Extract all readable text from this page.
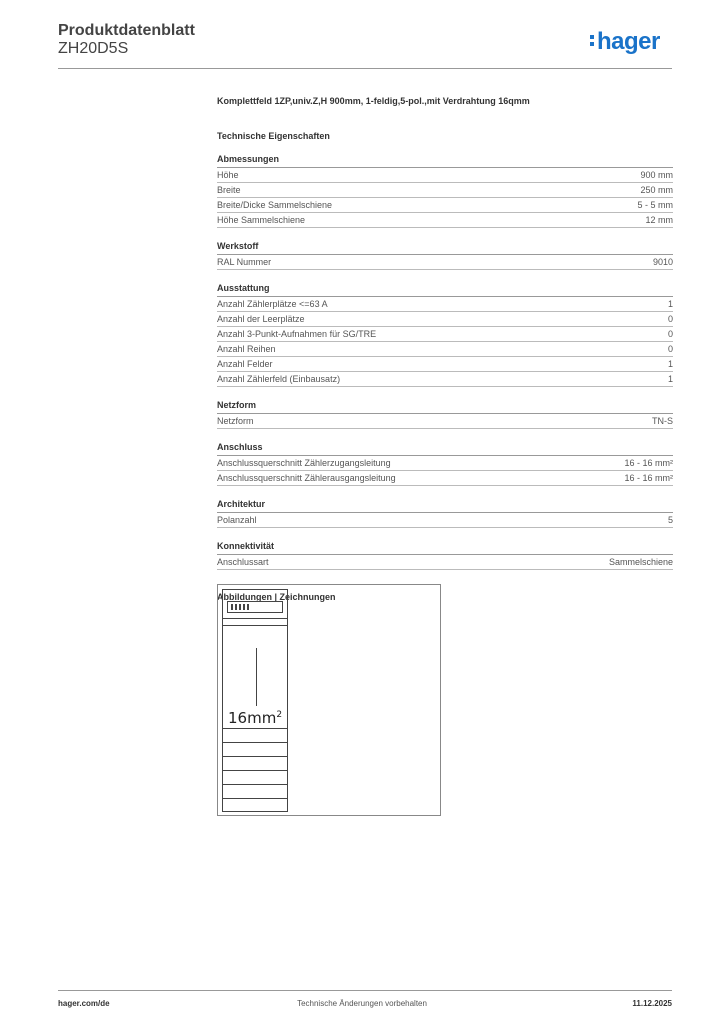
Produktdatenblatt
ZH20D5S	hager
Komplettfeld 1ZP,univ.Z,H 900mm, 1-feldig,5-pol.,mit Verdrahtung 16qmm
Technische Eigenschaften
Abmessungen
Höhe	900 mm
Breite	250 mm
Breite/Dicke Sammelschiene	5 - 5 mm
Höhe Sammelschiene	12 mm
Werkstoff
RAL Nummer	9010
Ausstattung
Anzahl Zählerplätze <=63 A	1
Anzahl der Leerplätze	0
Anzahl 3-Punkt-Aufnahmen für SG/TRE	0
Anzahl Reihen	0
Anzahl Felder	1
Anzahl Zählerfeld (Einbausatz)	1
Netzform
Netzform	TN-S
Anschluss
Anschlussquerschnitt Zählerzugangsleitung	16 - 16 mm²
Anschlussquerschnitt Zählerausgangsleitung	16 - 16 mm²
Architektur
Polanzahl	5
Konnektivität
Anschlussart	Sammelschiene
Abbildungen | Zeichnungen
$16mm^2$
hager.com/de	Technische Änderungen vorbehalten	11.12.2025
